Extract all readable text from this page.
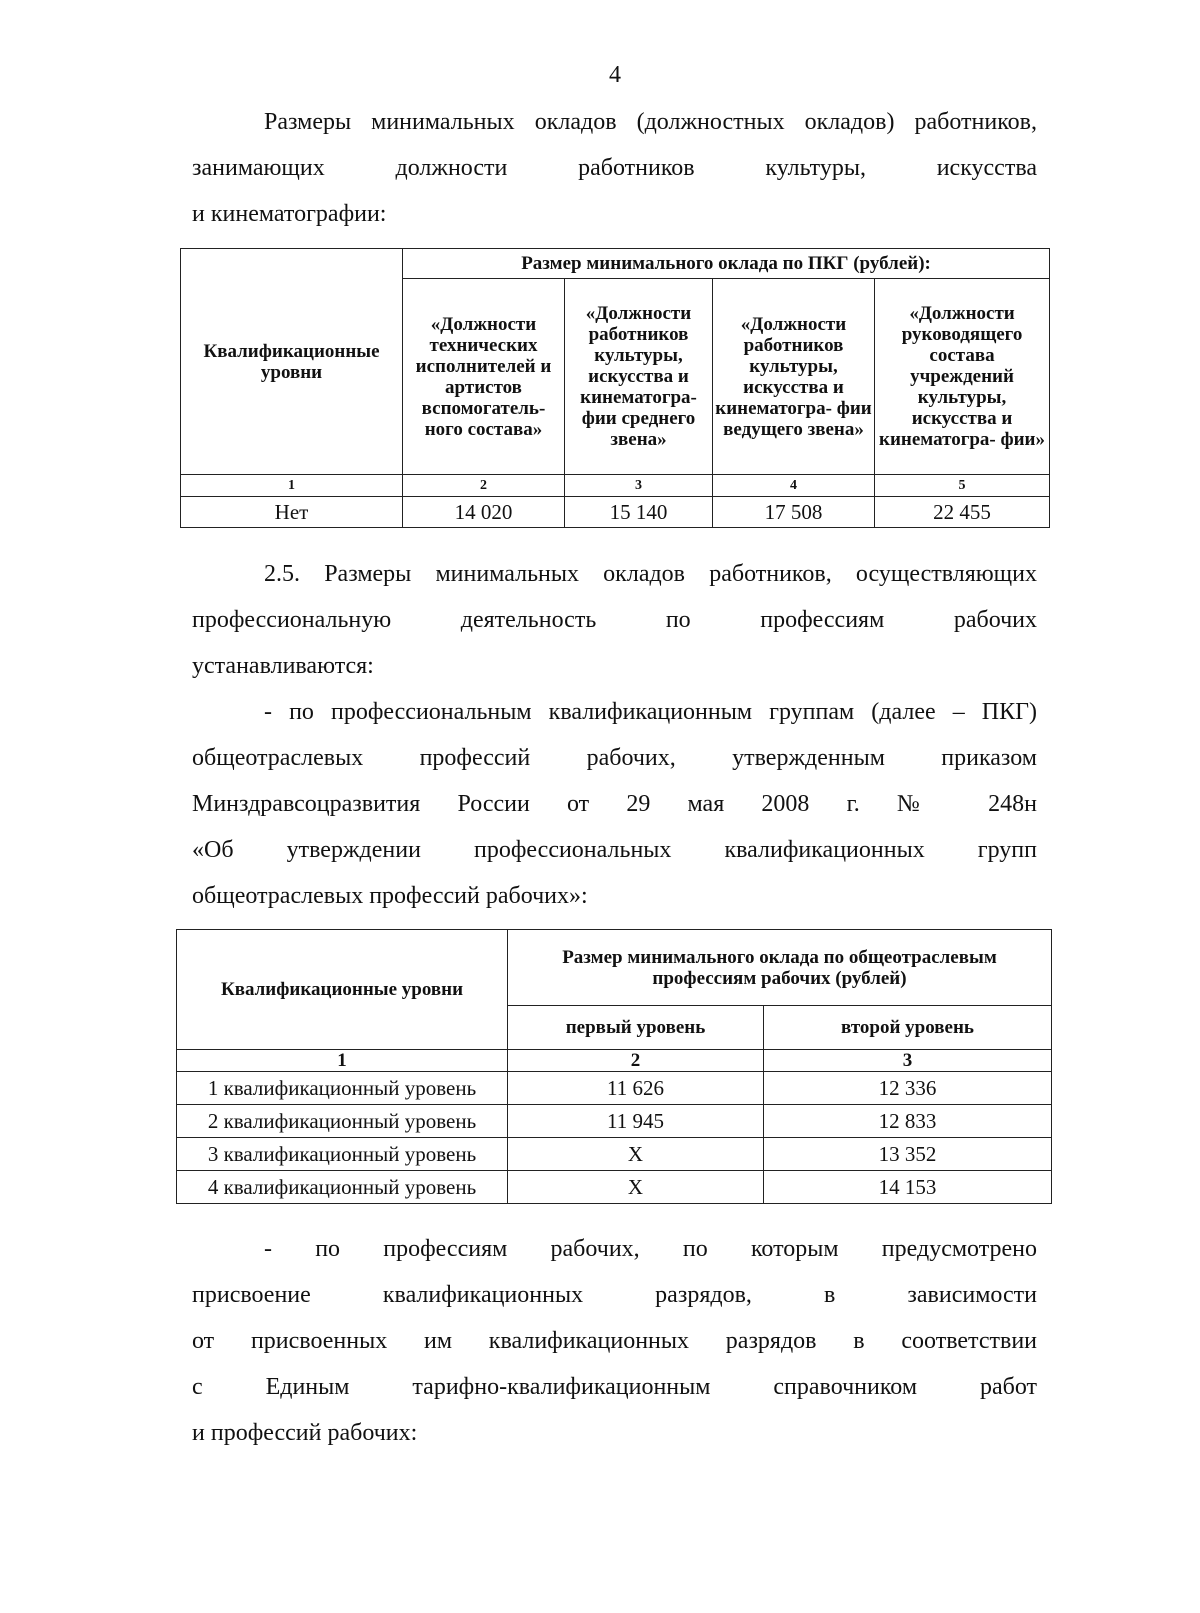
4
Размеры минимальных окладов (должностных окладов) работников,
занимающих должности работников культуры, искусства
и кинематографии:
Квалификационные уровни	Размер минимального оклада по ПКГ (рублей):			
	«Должности технических исполнителей и артистов вспомогатель- ного состава»	«Должности работников культуры, искусства и кинематогра- фии среднего звена»	«Должности работников культуры, искусства и кинематогра- фии ведущего звена»	«Должности руководящего состава учреждений культуры, искусства и кинематогра- фии»
1	2	3	4	5
Нет	14 020	15 140	17 508	22 455
2.5. Размеры минимальных окладов работников, осуществляющих
профессиональную деятельность по профессиям рабочих
устанавливаются:
- по профессиональным квалификационным группам (далее – ПКГ)
общеотраслевых профессий рабочих, утвержденным приказом
Минздравсоцразвития России от 29 мая 2008 г. № 248н
«Об утверждении профессиональных квалификационных групп
общеотраслевых профессий рабочих»:
Квалификационные уровни	Размер минимального оклада по общеотраслевым профессиям рабочих (рублей)	
	первый уровень	второй уровень
1	2	3
1 квалификационный уровень	11 626	12 336
2 квалификационный уровень	11 945	12 833
3 квалификационный уровень	Х	13 352
4 квалификационный уровень	Х	14 153
- по профессиям рабочих, по которым предусмотрено
присвоение квалификационных разрядов, в зависимости
от присвоенных им квалификационных разрядов в соответствии
с Единым тарифно-квалификационным справочником работ
и профессий рабочих:
